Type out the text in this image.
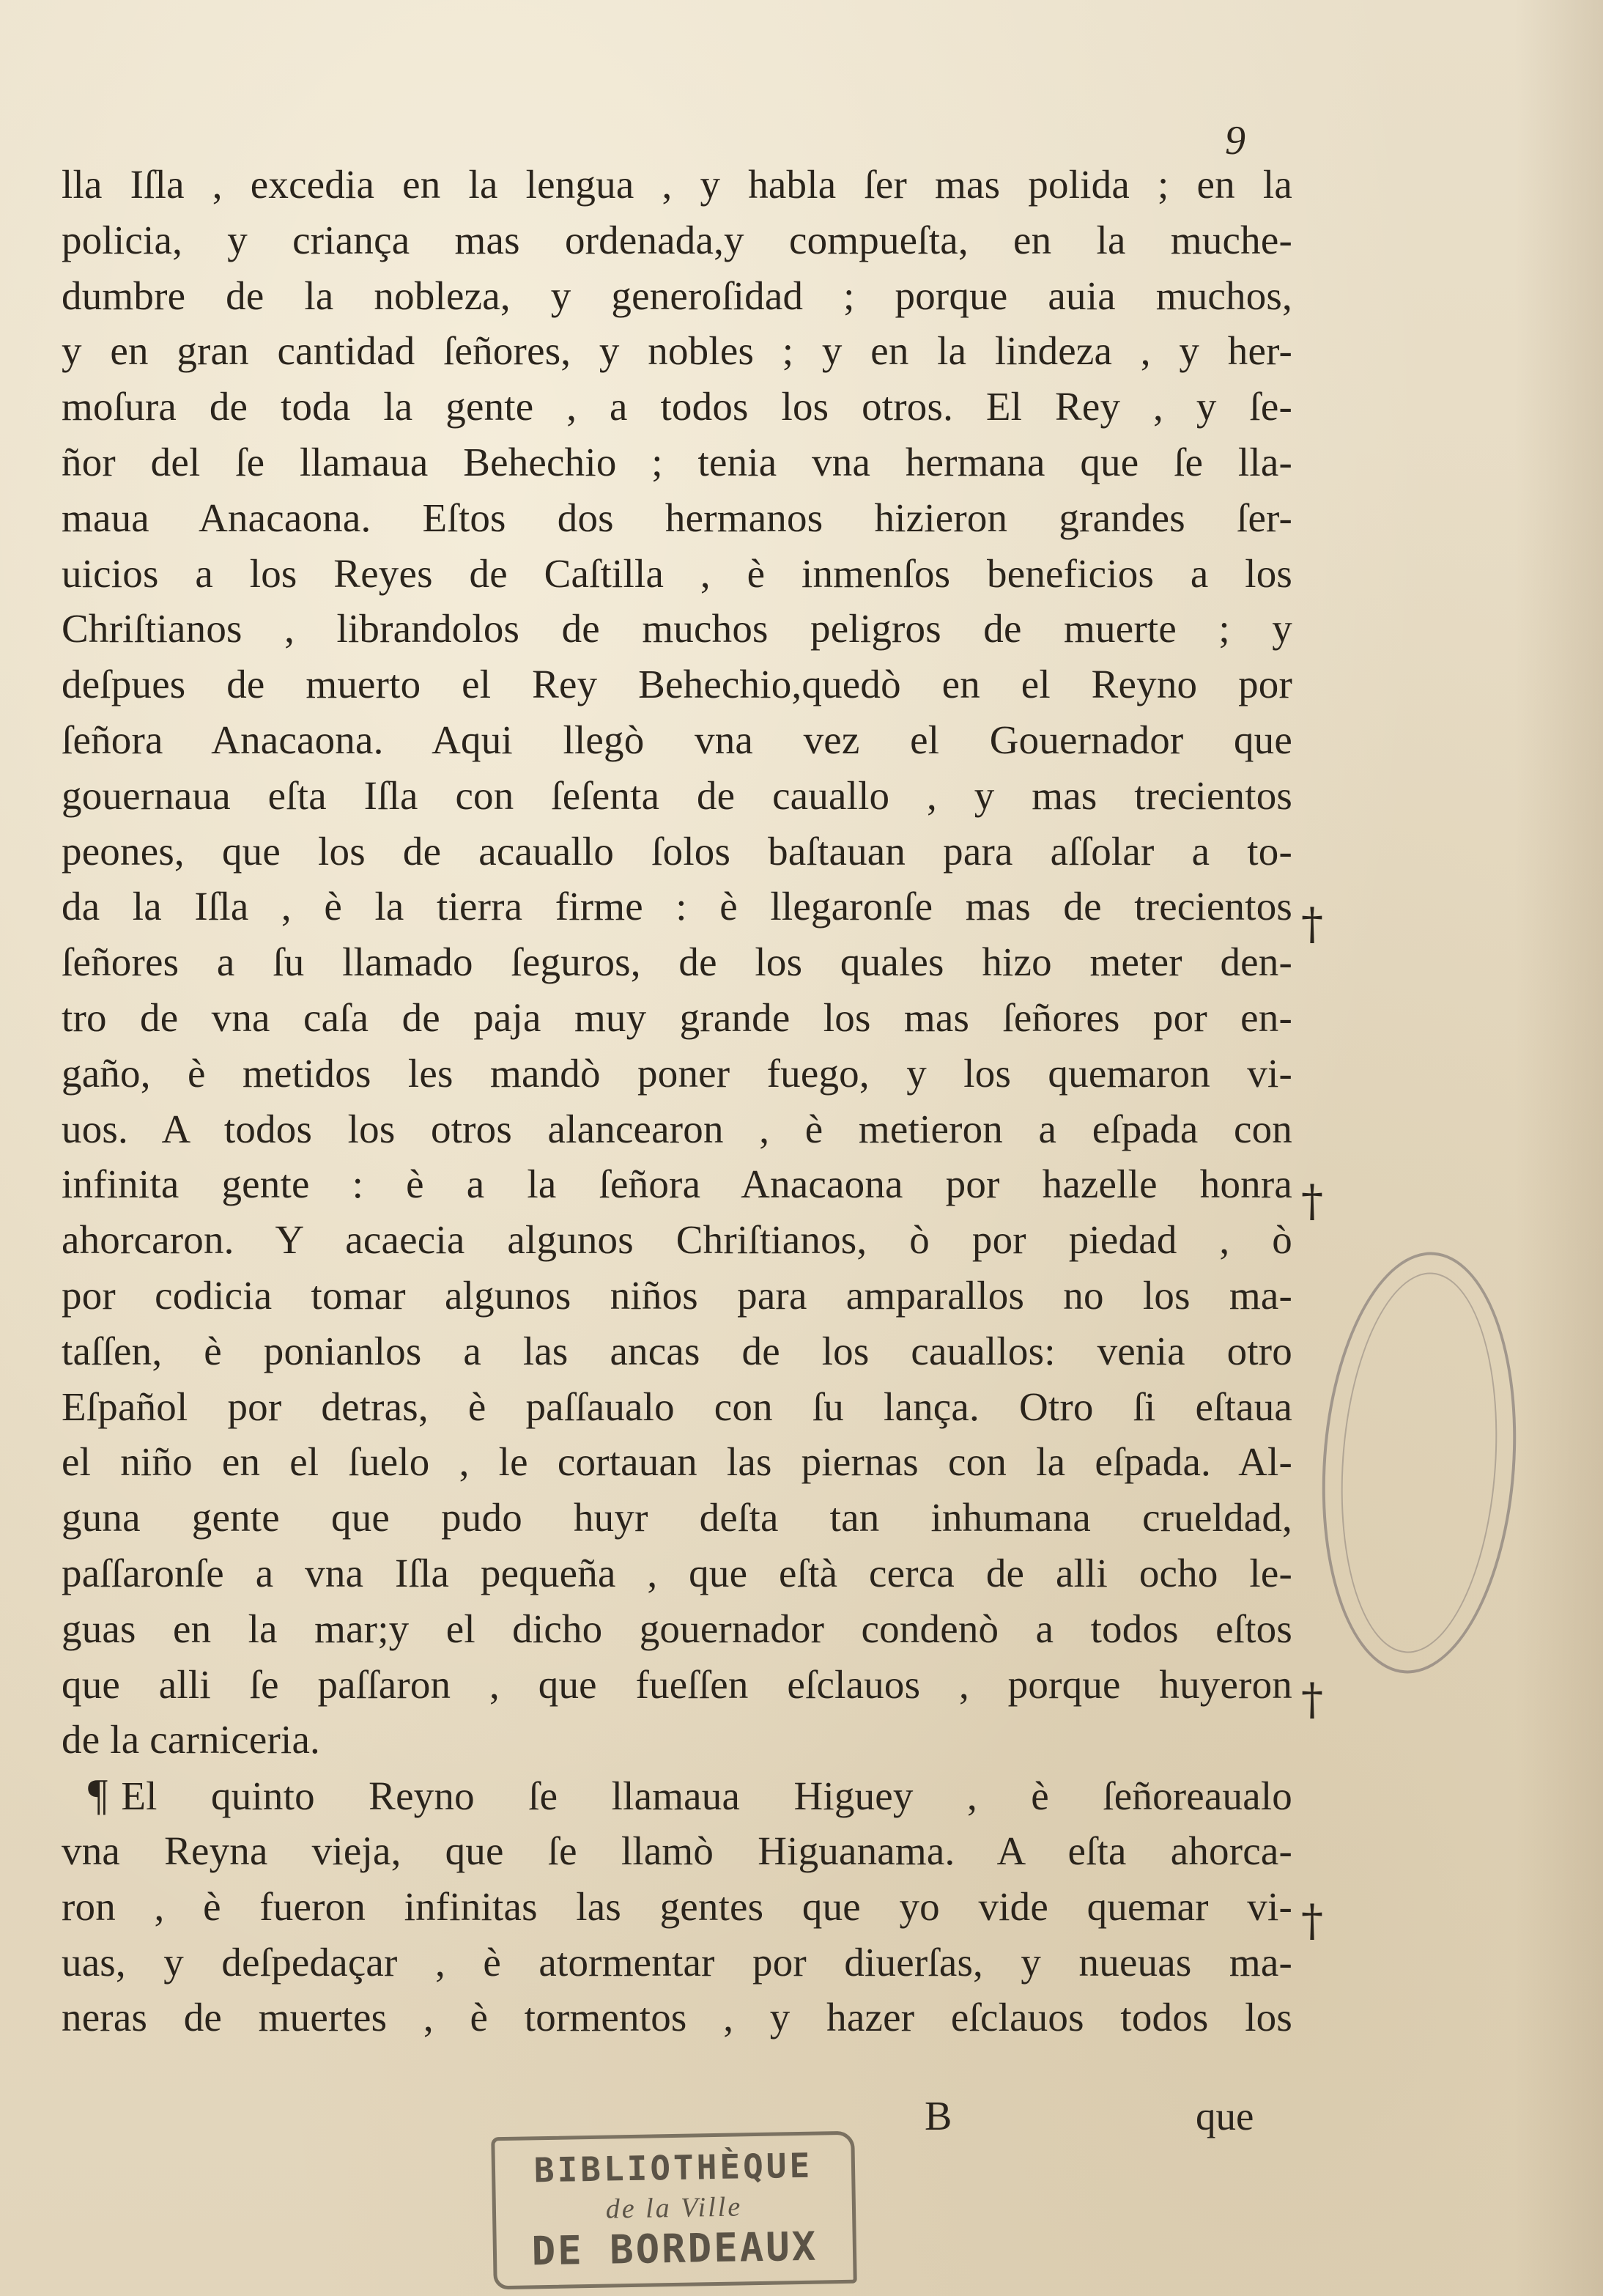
9
lla Iſla , excedia en la lengua , y habla ſer mas polida ; en la
policia, y criança mas ordenada,y compueſta, en la muche-
dumbre de la nobleza, y generoſidad ; porque auia muchos,
y en gran cantidad ſeñores, y nobles ; y en la lindeza , y her-
moſura de toda la gente , a todos los otros. El Rey , y ſe-
ñor del ſe llamaua Behechio ; tenia vna hermana que ſe lla-
maua Anacaona. Eſtos dos hermanos hizieron grandes ſer-
uicios a los Reyes de Caſtilla , è inmenſos beneficios a los
Chriſtianos , librandolos de muchos peligros de muerte ; y
deſpues de muerto el Rey Behechio,quedò en el Reyno por
ſeñora Anacaona. Aqui llegò vna vez el Gouernador que
gouernaua eſta Iſla con ſeſenta de cauallo , y mas trecientos
peones, que los de acauallo ſolos baſtauan para aſſolar a to-
da la Iſla , è la tierra firme : è llegaronſe mas de trecientos
ſeñores a ſu llamado ſeguros, de los quales hizo meter den-
tro de vna caſa de paja muy grande los mas ſeñores por en-
gaño, è metidos les mandò poner fuego, y los quemaron vi-
uos. A todos los otros alancearon , è metieron a eſpada con
infinita gente : è a la ſeñora Anacaona por hazelle honra
ahorcaron. Y acaecia algunos Chriſtianos, ò por piedad , ò
por codicia tomar algunos niños para amparallos no los ma-
taſſen, è ponianlos a las ancas de los cauallos: venia otro
Eſpañol por detras, è paſſaualo con ſu lança. Otro ſi eſtaua
el niño en el ſuelo , le cortauan las piernas con la eſpada. Al-
guna gente que pudo huyr deſta tan inhumana crueldad,
paſſaronſe a vna Iſla pequeña , que eſtà cerca de alli ocho le-
guas en la mar;y el dicho gouernador condenò a todos eſtos
que alli ſe paſſaron , que fueſſen eſclauos , porque huyeron
de la carniceria.
¶ El quinto Reyno ſe llamaua Higuey , è ſeñoreaualo
vna Reyna vieja, que ſe llamò Higuanama. A eſta ahorca-
ron , è fueron infinitas las gentes que yo vide quemar vi-
uas, y deſpedaçar , è atormentar por diuerſas, y nueuas ma-
neras de muertes , è tormentos , y hazer eſclauos todos los
†
†
†
†
B	que
BIBLIOTHÈQUE
de la Ville
DE BORDEAUX
